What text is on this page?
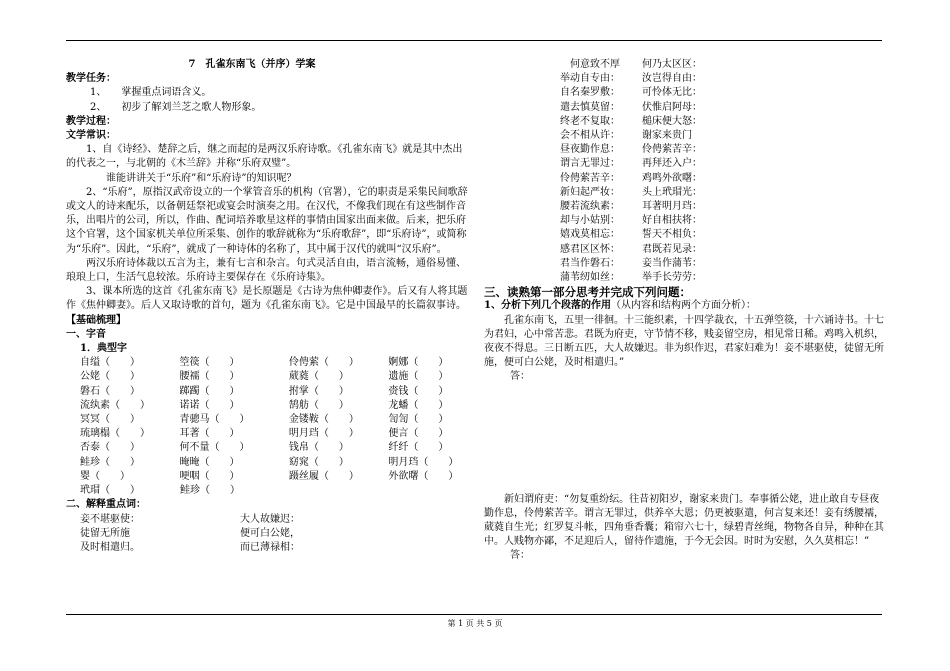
7　孔雀东南飞（并序）学案

教学任务：

1、　　掌握重点词语含义。

2、　　初步了解刘兰芝之歌人物形象。

教学过程：

文学常识：

1、自《诗经》、楚辞之后，继之而起的是两汉乐府诗歌。《孔雀东南飞》就是其中杰出的代表之一，与北朝的《木兰辞》并称“乐府双璧”。

谁能讲讲关于“乐府”和“乐府诗”的知识呢？

2、“乐府”，原指汉武帝设立的一个掌管音乐的机构（官署），它的职责是采集民间歌辞或文人的诗来配乐，以备朝廷祭祀或宴会时演奏之用。在汉代，不像我们现在有这些制作音乐，出唱片的公司，所以，作曲、配词培养歌星这样的事情由国家出面来做。后来，把乐府这个官署，这个国家机关单位所采集、创作的歌辞就称为“乐府歌辞”，即“乐府诗”，或简称为“乐府”。因此，“乐府”，就成了一种诗体的名称了，其中属于汉代的就叫“汉乐府”。

两汉乐府诗体裁以五言为主，兼有七言和杂言。句式灵活自由，语言流畅，通俗易懂、琅琅上口，生活气息较浓。乐府诗主要保存在《乐府诗集》。

3、课本所选的这首《孔雀东南飞》是长原题是《古诗为焦仲卿妻作》。后又有人将其题作《焦仲卿妻》。后人又取诗歌的首句，题为《孔雀东南飞》。它是中国最早的长篇叙事诗。

【基础梳理】

一、字音

1．典型字

自缢（　　）	箜篌（　　）	伶俜萦（　　）	婀娜（　　）
公姥（　　）	腰襦（　　）	葳蕤（　　）	遗施（　　）
磐石（　　）	踯躅（　　）	拊掌（　　）	赍钱（　　）
流纨素（　　）	诺诺（　　）	鹄舫（　　）	龙蟠（　　）
冥冥（　　）	青骢马（　　）	金镂鞍（　　）	訇訇（　　）
琉璃榻（　　）	耳著（　　）	明月珰（　　）	便言（　　）
否泰（　　）	何不量（　　）	钱帛（　　）	纤纤（　　）
鲑珍（　　）	晻晻（　　）	窈窕（　　）	明月珰（　　）
婴（　　）	哽咽（　　）	蹑丝履（　　）	外欲曙（　　）
玳瑁（　　）	鲑珍（　　）

二、解释重点词：

妾不堪驱使：	大人故嫌迟：
徒留无所施	便可白公姥，
及时相遣归。	而已薄禄相：
何意致不厚	何乃太区区：
举动自专由：	汝岂得自由：
自名秦罗敷：	可怜体无比：
遣去慎莫留：	伏惟启阿母：
终老不复取：	槌床便大怒：
会不相从许：	谢家来贵门
昼夜勤作息：	伶俜萦苦辛：
谓言无罪过：	再拜还入户：
伶俜萦苦辛：	鸡鸣外欲曙：
新妇起严妆：	头上玳瑁光：
腰若流纨素：	耳著明月珰：
却与小姑别：	好自相扶将：
嬉戏莫相忘：	誓天不相负：
感君区区怀：	君既若见录：
君当作磐石：	妾当作蒲苇：
蒲苇纫如丝：	举手长劳劳：

三、读熟第一部分思考并完成下列问题：

1、分析下列几个段落的作用（从内容和结构两个方面分析）：

孔雀东南飞，五里一徘徊。十三能织素，十四学裁衣，十五弹箜篌，十六诵诗书。十七为君妇，心中常苦悲。君既为府吏，守节情不移，贱妾留空房，相见常日稀。鸡鸣入机织，夜夜不得息。三日断五匹，大人故嫌迟。非为织作迟，君家妇难为！妾不堪驱使，徒留无所施，便可白公姥，及时相遣归。”

答：

新妇谓府吏：“勿复重纷纭。往昔初阳岁，谢家来贵门。奉事循公姥，进止敢自专昼夜勤作息，伶俜萦苦辛。谓言无罪过，供养卒大恩；仍更被驱遣，何言复来还！妾有绣腰襦，葳蕤自生光；红罗复斗帐，四角垂香囊；箱帘六七十，绿碧青丝绳，物物各自异，种种在其中。人贱物亦鄙，不足迎后人，留待作遗施，于今无会因。时时为安慰，久久莫相忘！”

答：

第 1 页 共 5 页
